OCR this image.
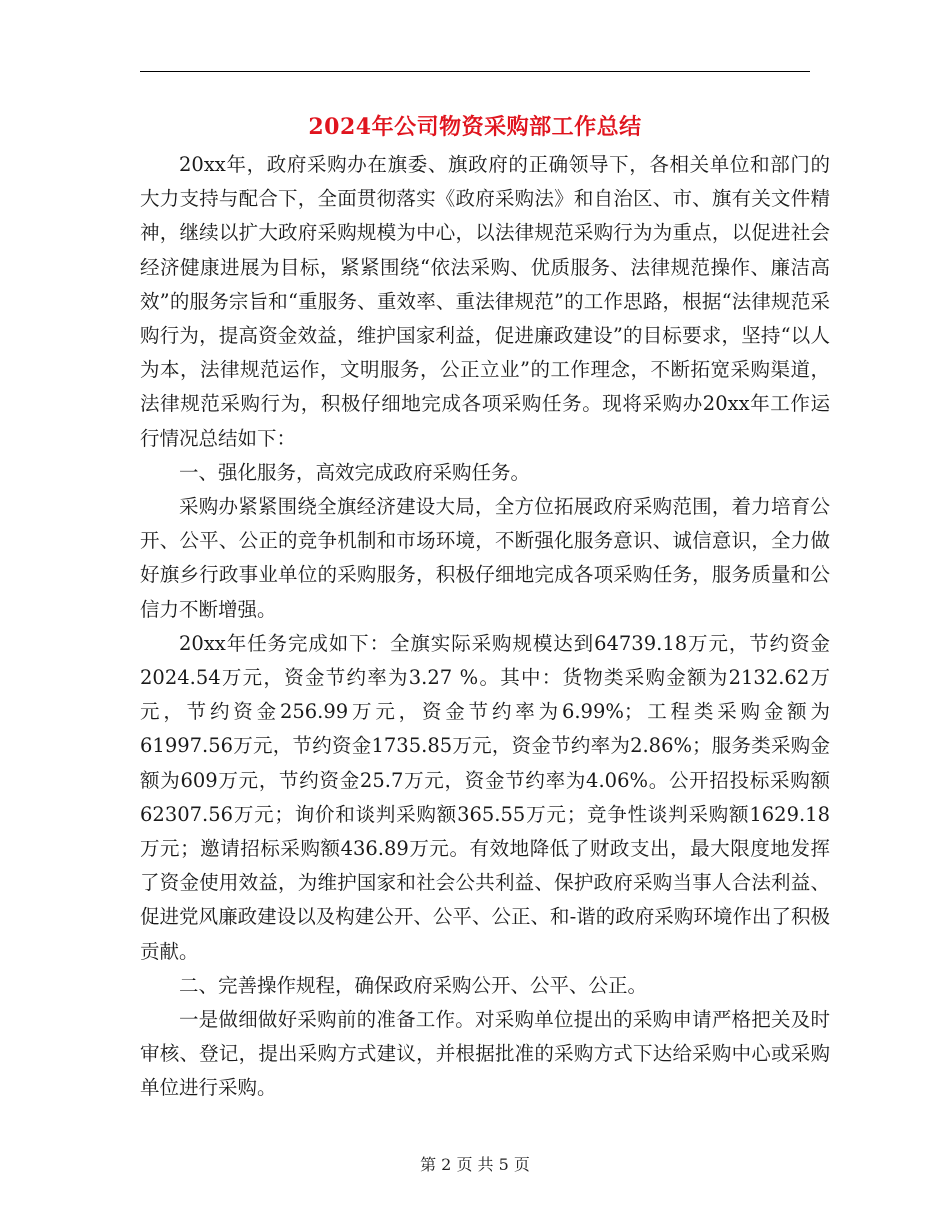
2024年公司物资采购部工作总结

20xx年，政府采购办在旗委、旗政府的正确领导下，各相关单位和部门的大力支持与配合下，全面贯彻落实《政府采购法》和自治区、市、旗有关文件精神，继续以扩大政府采购规模为中心，以法律规范采购行为为重点，以促进社会经济健康进展为目标，紧紧围绕“依法采购、优质服务、法律规范操作、廉洁高效”的服务宗旨和“重服务、重效率、重法律规范”的工作思路，根据“法律规范采购行为，提高资金效益，维护国家利益，促进廉政建设”的目标要求，坚持“以人为本，法律规范运作，文明服务，公正立业”的工作理念，不断拓宽采购渠道，法律规范采购行为，积极仔细地完成各项采购任务。现将采购办20xx年工作运行情况总结如下：

一、强化服务，高效完成政府采购任务。

采购办紧紧围绕全旗经济建设大局，全方位拓展政府采购范围，着力培育公开、公平、公正的竞争机制和市场环境，不断强化服务意识、诚信意识，全力做好旗乡行政事业单位的采购服务，积极仔细地完成各项采购任务，服务质量和公信力不断增强。

20xx年任务完成如下：全旗实际采购规模达到64739.18万元，节约资金2024.54万元，资金节约率为3.27 %。其中：货物类采购金额为2132.62万元，节约资金256.99万元，资金节约率为6.99%；工程类采购金额为61997.56万元，节约资金1735.85万元，资金节约率为2.86%；服务类采购金额为609万元，节约资金25.7万元，资金节约率为4.06%。公开招投标采购额62307.56万元；询价和谈判采购额365.55万元；竞争性谈判采购额1629.18万元；邀请招标采购额436.89万元。有效地降低了财政支出，最大限度地发挥了资金使用效益，为维护国家和社会公共利益、保护政府采购当事人合法利益、促进党风廉政建设以及构建公开、公平、公正、和-谐的政府采购环境作出了积极贡献。

二、完善操作规程，确保政府采购公开、公平、公正。

一是做细做好采购前的准备工作。对采购单位提出的采购申请严格把关及时审核、登记，提出采购方式建议，并根据批准的采购方式下达给采购中心或采购单位进行采购。

第 2 页 共 5 页
